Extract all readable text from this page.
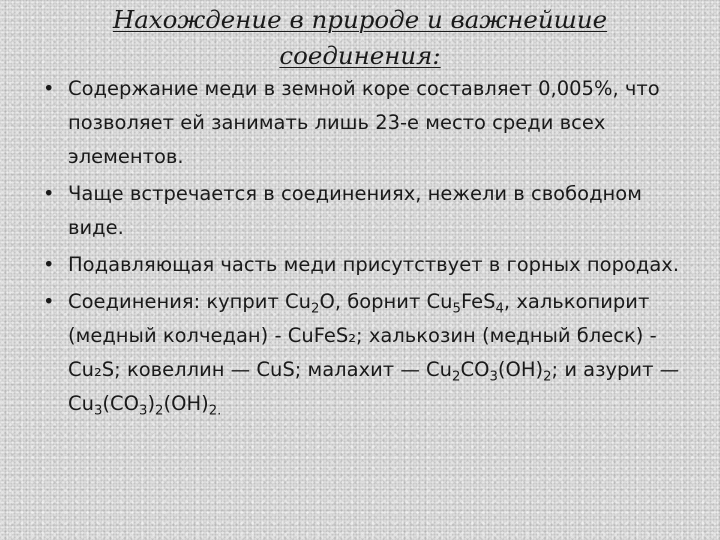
Нахождение в природе и важнейшие
соединения:
• Содержание меди в земной коре составляет 0,005%, что позволяет ей занимать лишь 23-е место среди всех элементов.
• Чаще встречается в соединениях, нежели в свободном виде.
• Подавляющая часть меди присутствует в горных породах.
• Соединения: куприт $Cu_2O$, борнит $Cu_5FeS_4$, халькопирит (медный колчедан) - CuFeS₂; халькозин (медный блеск) - Cu₂S; ковеллин — CuS; малахит — $Cu_2CO_3(OH)_2$; и азурит — $Cu_3(CO_3)_2(OH)_{2.}$
